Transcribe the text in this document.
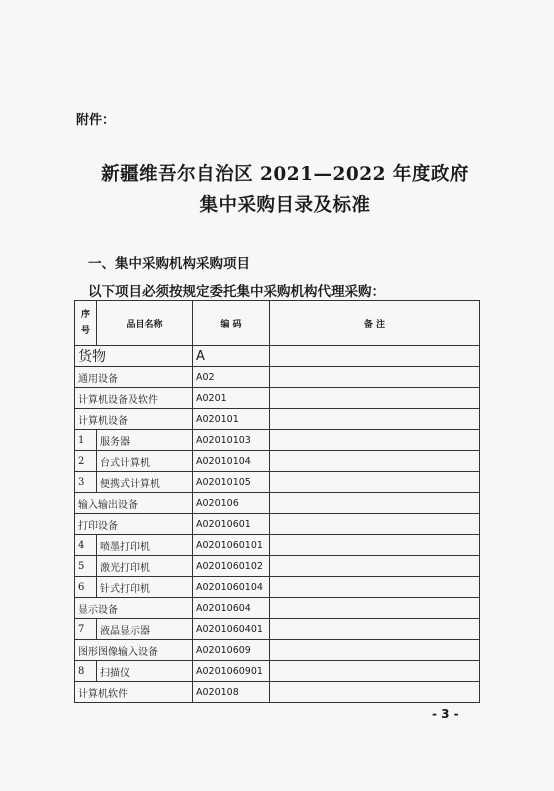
附件：
新疆维吾尔自治区 2021—2022 年度政府
集中采购目录及标准
一、集中采购机构采购项目
以下项目必须按规定委托集中采购机构代理采购：
序
号	品目名称	编 码	备 注
货物		A	
通用设备		A02	
计算机设备及软件		A0201	
计算机设备		A020101	
1	服务器	A02010103	
2	台式计算机	A02010104	
3	便携式计算机	A02010105	
输入输出设备		A020106	
打印设备		A02010601	
4	喷墨打印机	A0201060101	
5	激光打印机	A0201060102	
6	针式打印机	A0201060104	
显示设备		A02010604	
7	液晶显示器	A0201060401	
图形图像输入设备		A02010609	
8	扫描仪	A0201060901	
计算机软件		A020108	
- 3 -
